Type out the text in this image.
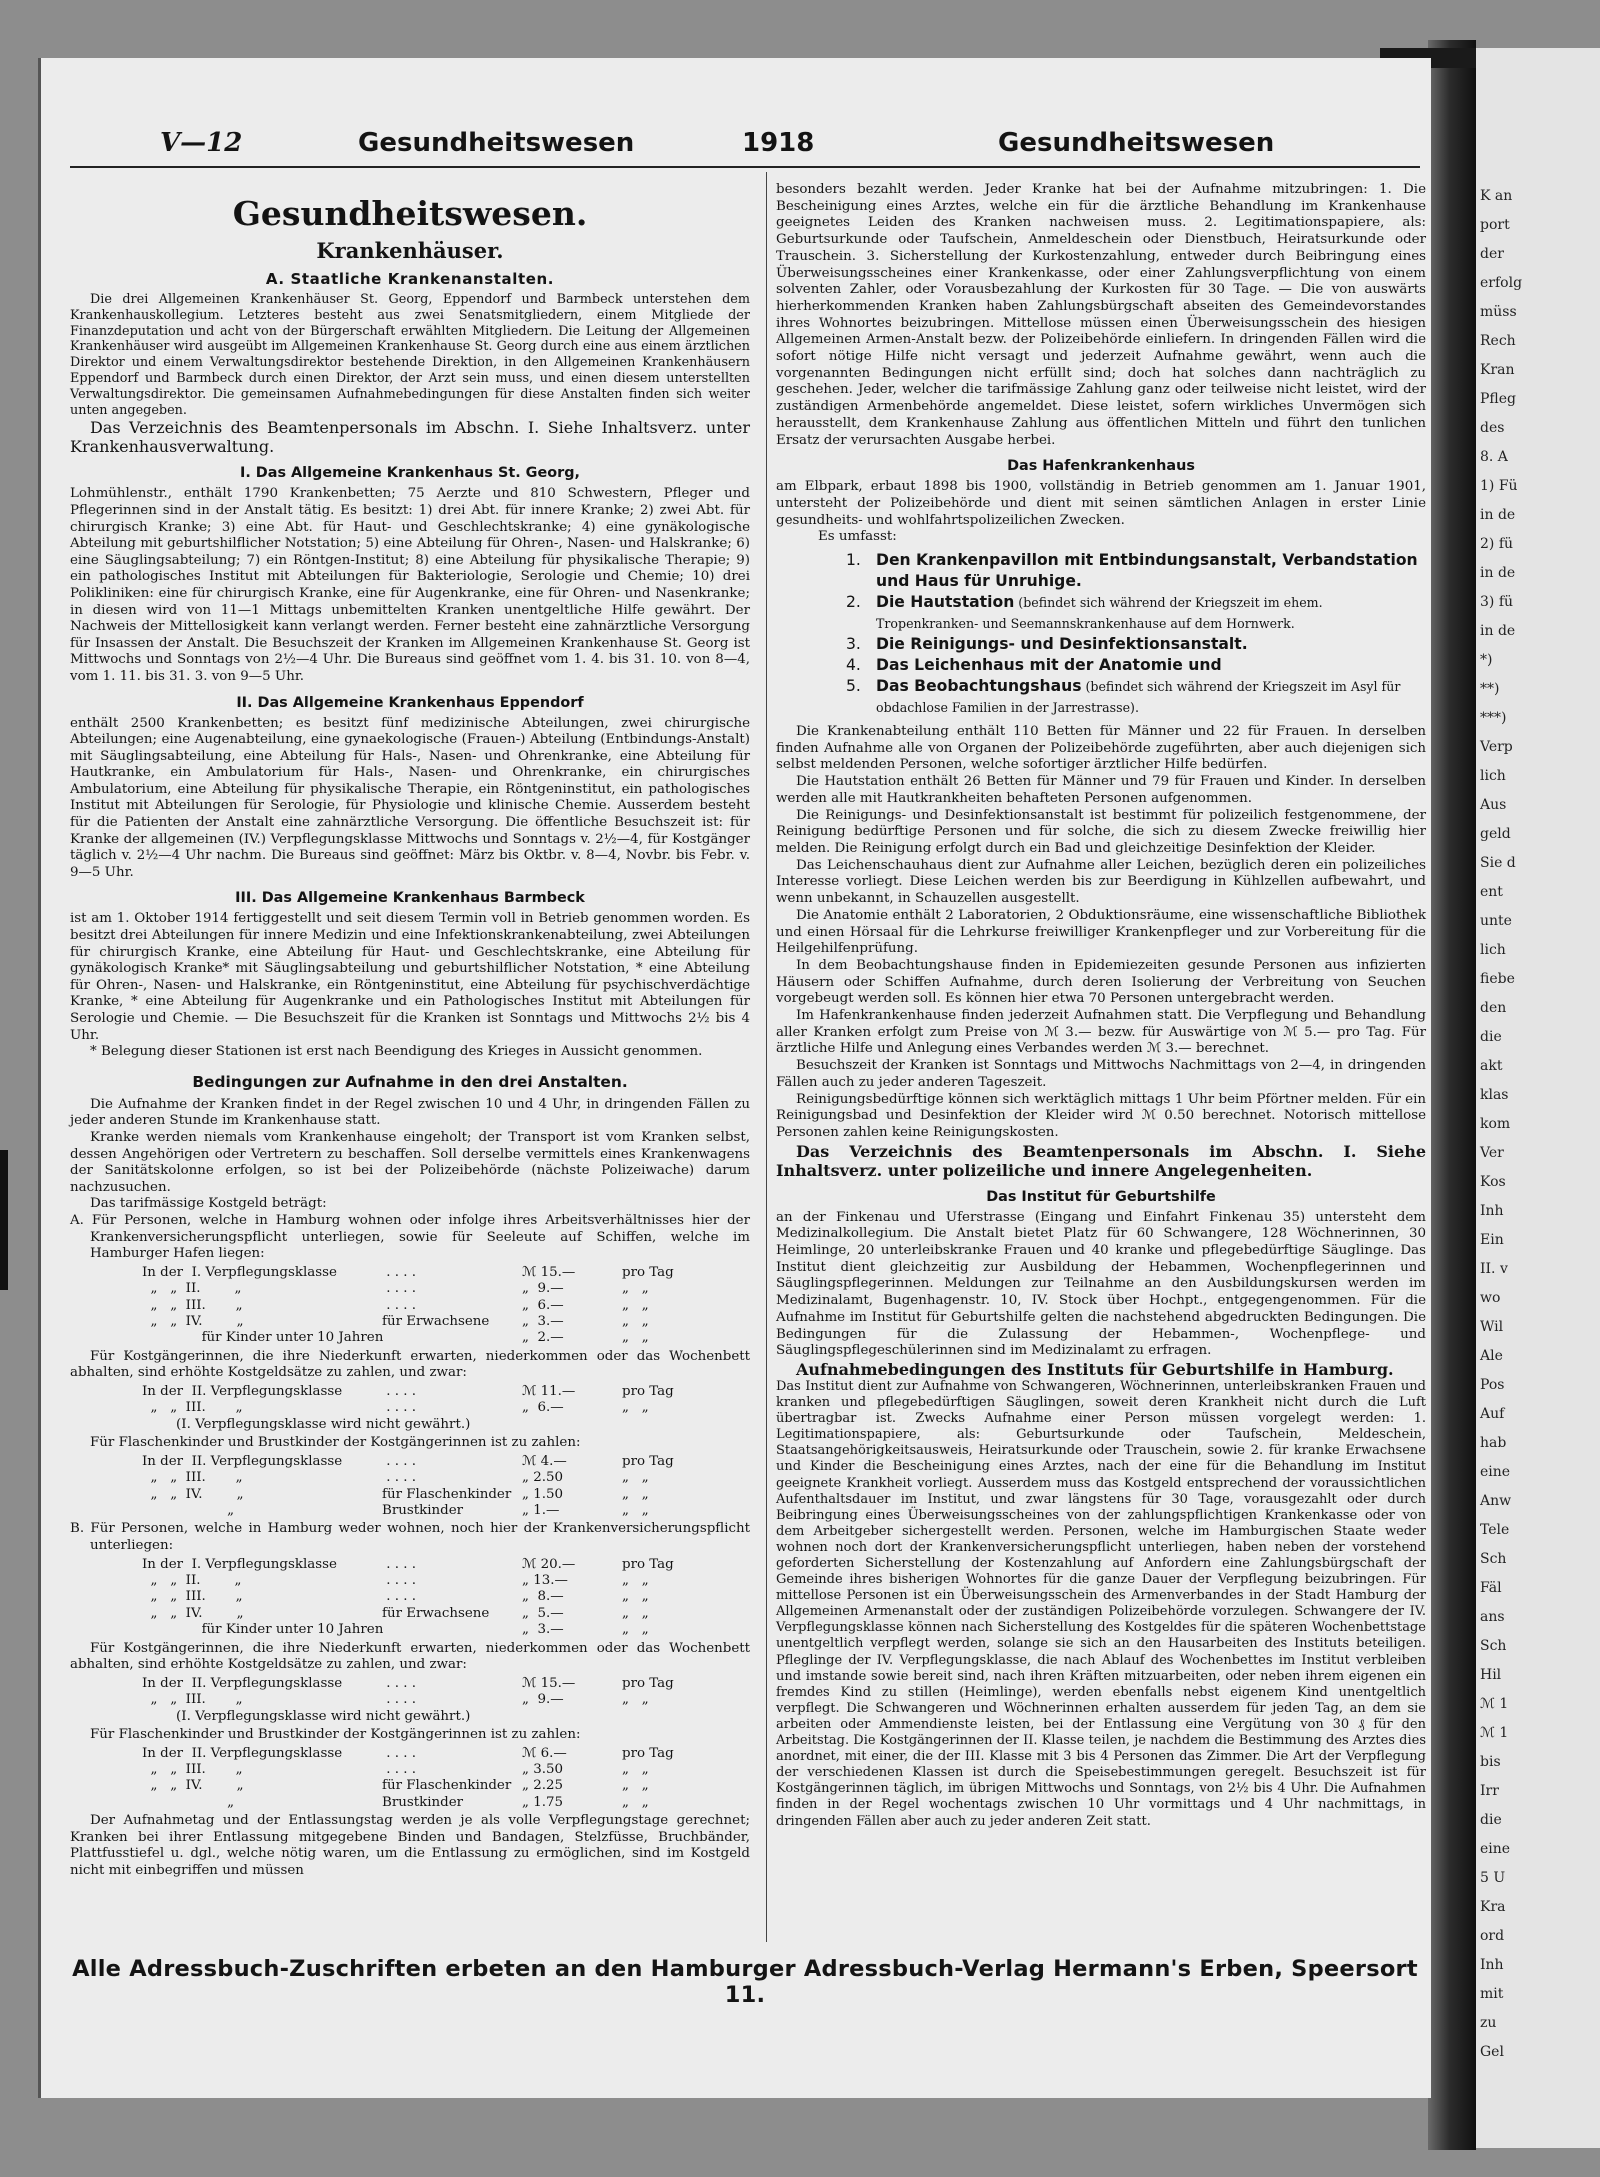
K an
port
der
erfolg
müss
Rech
Kran
Pfleg
des
8. A
1) Fü
in de
2) fü
in de
3) fü
in de
*)
**)
***)
Verp
lich
Aus
geld
Sie d
ent
unte
lich
fiebe
den
die
akt
klas
kom
Ver
Kos
Inh
Ein
II. v
wo
Wil
Ale
Pos
Auf
hab
eine
Anw
Tele
Sch
Fäl
ans
Sch
Hil
ℳ 1
ℳ 1
bis
Irr
die
eine
5 U
Kra
ord
Inh
mit
zu
Gel
V—12	Gesundheitswesen	1918	Gesundheitswesen
Gesundheitswesen.
Krankenhäuser.
A. Staatliche Krankenanstalten.

Die drei Allgemeinen Krankenhäuser St. Georg, Eppendorf und Barmbeck unterstehen dem Krankenhauskollegium. Letzteres besteht aus zwei Senatsmitgliedern, einem Mitgliede der Finanzdeputation und acht von der Bürgerschaft erwählten Mitgliedern. Die Leitung der Allgemeinen Krankenhäuser wird ausgeübt im Allgemeinen Krankenhause St. Georg durch eine aus einem ärztlichen Direktor und einem Verwaltungsdirektor bestehende Direktion, in den Allgemeinen Krankenhäusern Eppendorf und Barmbeck durch einen Direktor, der Arzt sein muss, und einen diesem unterstellten Verwaltungsdirektor. Die gemeinsamen Aufnahmebedingungen für diese Anstalten finden sich weiter unten angegeben.

Das Verzeichnis des Beamtenpersonals im Abschn. I. Siehe Inhaltsverz. unter Krankenhausverwaltung.

I. Das Allgemeine Krankenhaus St. Georg,

Lohmühlenstr., enthält 1790 Krankenbetten; 75 Aerzte und 810 Schwestern, Pfleger und Pflegerinnen sind in der Anstalt tätig. Es besitzt: 1) drei Abt. für innere Kranke; 2) zwei Abt. für chirurgisch Kranke; 3) eine Abt. für Haut- und Geschlechtskranke; 4) eine gynäkologische Abteilung mit geburtshilflicher Notstation; 5) eine Abteilung für Ohren-, Nasen- und Halskranke; 6) eine Säuglingsabteilung; 7) ein Röntgen-Institut; 8) eine Abteilung für physikalische Therapie; 9) ein pathologisches Institut mit Abteilungen für Bakteriologie, Serologie und Chemie; 10) drei Polikliniken: eine für chirurgisch Kranke, eine für Augenkranke, eine für Ohren- und Nasenkranke; in diesen wird von 11—1 Mittags unbemittelten Kranken unentgeltliche Hilfe gewährt. Der Nachweis der Mittellosigkeit kann verlangt werden. Ferner besteht eine zahnärztliche Versorgung für Insassen der Anstalt. Die Besuchszeit der Kranken im Allgemeinen Krankenhause St. Georg ist Mittwochs und Sonntags von 2½—4 Uhr. Die Bureaus sind geöffnet vom 1. 4. bis 31. 10. von 8—4, vom 1. 11. bis 31. 3. von 9—5 Uhr.

II. Das Allgemeine Krankenhaus Eppendorf

enthält 2500 Krankenbetten; es besitzt fünf medizinische Abteilungen, zwei chirurgische Abteilungen; eine Augenabteilung, eine gynaekologische (Frauen-) Abteilung (Entbindungs-Anstalt) mit Säuglingsabteilung, eine Abteilung für Hals-, Nasen- und Ohrenkranke, eine Abteilung für Hautkranke, ein Ambulatorium für Hals-, Nasen- und Ohrenkranke, ein chirurgisches Ambulatorium, eine Abteilung für physikalische Therapie, ein Röntgeninstitut, ein pathologisches Institut mit Abteilungen für Serologie, für Physiologie und klinische Chemie. Ausserdem besteht für die Patienten der Anstalt eine zahnärztliche Versorgung. Die öffentliche Besuchszeit ist: für Kranke der allgemeinen (IV.) Verpflegungsklasse Mittwochs und Sonntags v. 2½—4, für Kostgänger täglich v. 2½—4 Uhr nachm. Die Bureaus sind geöffnet: März bis Oktbr. v. 8—4, Novbr. bis Febr. v. 9—5 Uhr.

III. Das Allgemeine Krankenhaus Barmbeck

ist am 1. Oktober 1914 fertiggestellt und seit diesem Termin voll in Betrieb genommen worden. Es besitzt drei Abteilungen für innere Medizin und eine Infektionskrankenabteilung, zwei Abteilungen für chirurgisch Kranke, eine Abteilung für Haut- und Geschlechtskranke, eine Abteilung für gynäkologisch Kranke* mit Säuglingsabteilung und geburtshilflicher Notstation, * eine Abteilung für Ohren-, Nasen- und Halskranke, ein Röntgeninstitut, eine Abteilung für psychischverdächtige Kranke, * eine Abteilung für Augenkranke und ein Pathologisches Institut mit Abteilungen für Serologie und Chemie. — Die Besuchszeit für die Kranken ist Sonntags und Mittwochs 2½ bis 4 Uhr.

* Belegung dieser Stationen ist erst nach Beendigung des Krieges in Aussicht genommen.

Bedingungen zur Aufnahme in den drei Anstalten.

Die Aufnahme der Kranken findet in der Regel zwischen 10 und 4 Uhr, in dringenden Fällen zu jeder anderen Stunde im Krankenhause statt.

Kranke werden niemals vom Krankenhause eingeholt; der Transport ist vom Kranken selbst, dessen Angehörigen oder Vertretern zu beschaffen. Soll derselbe vermittels eines Krankenwagens der Sanitätskolonne erfolgen, so ist bei der Polizeibehörde (nächste Polizeiwache) darum nachzusuchen.

Das tarifmässige Kostgeld beträgt:

A. Für Personen, welche in Hamburg wohnen oder infolge ihres Arbeitsverhältnisses hier der Krankenversicherungspflicht unterliegen, sowie für Seeleute auf Schiffen, welche im Hamburger Hafen liegen:

In der  I. Verpflegungsklasse	. . . .	ℳ 15.—	pro Tag
„   „  II.        „	. . . .	„  9.—	„   „
„   „  III.       „	. . . .	„  6.—	„   „
„   „  IV.        „	für Erwachsene	„  3.—	„   „
für Kinder unter 10 Jahren	„  2.—	„   „

Für Kostgängerinnen, die ihre Niederkunft erwarten, niederkommen oder das Wochenbett abhalten, sind erhöhte Kostgeldsätze zu zahlen, und zwar:

In der  II. Verpflegungsklasse	. . . .	ℳ 11.—	pro Tag
„   „  III.       „	. . . .	„  6.—	„   „
(I. Verpflegungsklasse wird nicht gewährt.)

Für Flaschenkinder und Brustkinder der Kostgängerinnen ist zu zahlen:

In der  II. Verpflegungsklasse	. . . .	ℳ 4.—	pro Tag
„   „  III.       „	. . . .	„ 2.50	„   „
„   „  IV.        „	für Flaschenkinder „ 1.50	„   „
„	Brustkinder	„ 1.—	„   „

B. Für Personen, welche in Hamburg weder wohnen, noch hier der Krankenversicherungspflicht unterliegen:

In der  I. Verpflegungsklasse	. . . .	ℳ 20.—	pro Tag
„   „  II.        „	. . . .	„ 13.—	„   „
„   „  III.       „	. . . .	„  8.—	„   „
„   „  IV.        „	für Erwachsene	„  5.—	„   „
für Kinder unter 10 Jahren	„  3.—	„   „

Für Kostgängerinnen, die ihre Niederkunft erwarten, niederkommen oder das Wochenbett abhalten, sind erhöhte Kostgeldsätze zu zahlen, und zwar:

In der  II. Verpflegungsklasse	. . . .	ℳ 15.—	pro Tag
„   „  III.       „	. . . .	„  9.—	„   „
(I. Verpflegungsklasse wird nicht gewährt.)

Für Flaschenkinder und Brustkinder der Kostgängerinnen ist zu zahlen:

In der  II. Verpflegungsklasse	. . . .	ℳ 6.—	pro Tag
„   „  III.       „	. . . .	„ 3.50	„   „
„   „  IV.        „	für Flaschenkinder „ 2.25	„   „
„	Brustkinder	„ 1.75	„   „

Der Aufnahmetag und der Entlassungstag werden je als volle Verpflegungstage gerechnet; Kranken bei ihrer Entlassung mitgegebene Binden und Bandagen, Stelzfüsse, Bruchbänder, Plattfusstiefel u. dgl., welche nötig waren, um die Entlassung zu ermöglichen, sind im Kostgeld nicht mit einbegriffen und müssen

besonders bezahlt werden. Jeder Kranke hat bei der Aufnahme mitzubringen: 1. Die Bescheinigung eines Arztes, welche ein für die ärztliche Behandlung im Krankenhause geeignetes Leiden des Kranken nachweisen muss. 2. Legitimationspapiere, als: Geburtsurkunde oder Taufschein, Anmeldeschein oder Dienstbuch, Heiratsurkunde oder Trauschein. 3. Sicherstellung der Kurkostenzahlung, entweder durch Beibringung eines Überweisungsscheines einer Krankenkasse, oder einer Zahlungsverpflichtung von einem solventen Zahler, oder Vorausbezahlung der Kurkosten für 30 Tage. — Die von auswärts hierherkommenden Kranken haben Zahlungsbürgschaft abseiten des Gemeindevorstandes ihres Wohnortes beizubringen. Mittellose müssen einen Überweisungsschein des hiesigen Allgemeinen Armen-Anstalt bezw. der Polizeibehörde einliefern. In dringenden Fällen wird die sofort nötige Hilfe nicht versagt und jederzeit Aufnahme gewährt, wenn auch die vorgenannten Bedingungen nicht erfüllt sind; doch hat solches dann nachträglich zu geschehen. Jeder, welcher die tarifmässige Zahlung ganz oder teilweise nicht leistet, wird der zuständigen Armenbehörde angemeldet. Diese leistet, sofern wirkliches Unvermögen sich herausstellt, dem Krankenhause Zahlung aus öffentlichen Mitteln und führt den tunlichen Ersatz der verursachten Ausgabe herbei.

Das Hafenkrankenhaus

am Elbpark, erbaut 1898 bis 1900, vollständig in Betrieb genommen am 1. Januar 1901, untersteht der Polizeibehörde und dient mit seinen sämtlichen Anlagen in erster Linie gesundheits- und wohlfahrtspolizeilichen Zwecken.

Es umfasst:

1. Den Krankenpavillon mit Entbindungsanstalt, Verbandstation und Haus für Unruhige.
2. Die Hautstation (befindet sich während der Kriegszeit im ehem. Tropenkranken- und Seemannskrankenhause auf dem Hornwerk.
3. Die Reinigungs- und Desinfektionsanstalt.
4. Das Leichenhaus mit der Anatomie und
5. Das Beobachtungshaus (befindet sich während der Kriegszeit im Asyl für obdachlose Familien in der Jarrestrasse).

Die Krankenabteilung enthält 110 Betten für Männer und 22 für Frauen. In derselben finden Aufnahme alle von Organen der Polizeibehörde zugeführten, aber auch diejenigen sich selbst meldenden Personen, welche sofortiger ärztlicher Hilfe bedürfen.

Die Hautstation enthält 26 Betten für Männer und 79 für Frauen und Kinder. In derselben werden alle mit Hautkrankheiten behafteten Personen aufgenommen.

Die Reinigungs- und Desinfektionsanstalt ist bestimmt für polizeilich festgenommene, der Reinigung bedürftige Personen und für solche, die sich zu diesem Zwecke freiwillig hier melden. Die Reinigung erfolgt durch ein Bad und gleichzeitige Desinfektion der Kleider.

Das Leichenschauhaus dient zur Aufnahme aller Leichen, bezüglich deren ein polizeiliches Interesse vorliegt. Diese Leichen werden bis zur Beerdigung in Kühlzellen aufbewahrt, und wenn unbekannt, in Schauzellen ausgestellt.

Die Anatomie enthält 2 Laboratorien, 2 Obduktionsräume, eine wissenschaftliche Bibliothek und einen Hörsaal für die Lehrkurse freiwilliger Krankenpfleger und zur Vorbereitung für die Heilgehilfenprüfung.

In dem Beobachtungshause finden in Epidemiezeiten gesunde Personen aus infizierten Häusern oder Schiffen Aufnahme, durch deren Isolierung der Verbreitung von Seuchen vorgebeugt werden soll. Es können hier etwa 70 Personen untergebracht werden.

Im Hafenkrankenhause finden jederzeit Aufnahmen statt. Die Verpflegung und Behandlung aller Kranken erfolgt zum Preise von ℳ 3.— bezw. für Auswärtige von ℳ 5.— pro Tag. Für ärztliche Hilfe und Anlegung eines Verbandes werden ℳ 3.— berechnet.

Besuchszeit der Kranken ist Sonntags und Mittwochs Nachmittags von 2—4, in dringenden Fällen auch zu jeder anderen Tageszeit.

Reinigungsbedürftige können sich werktäglich mittags 1 Uhr beim Pförtner melden. Für ein Reinigungsbad und Desinfektion der Kleider wird ℳ 0.50 berechnet. Notorisch mittellose Personen zahlen keine Reinigungskosten.

Das Verzeichnis des Beamtenpersonals im Abschn. I. Siehe Inhaltsverz. unter polizeiliche und innere Angelegenheiten.

Das Institut für Geburtshilfe

an der Finkenau und Uferstrasse (Eingang und Einfahrt Finkenau 35) untersteht dem Medizinalkollegium. Die Anstalt bietet Platz für 60 Schwangere, 128 Wöchnerinnen, 30 Heimlinge, 20 unterleibskranke Frauen und 40 kranke und pflegebedürftige Säuglinge. Das Institut dient gleichzeitig zur Ausbildung der Hebammen, Wochenpflegerinnen und Säuglingspflegerinnen. Meldungen zur Teilnahme an den Ausbildungskursen werden im Medizinalamt, Bugenhagenstr. 10, IV. Stock über Hochpt., entgegengenommen. Für die Aufnahme im Institut für Geburtshilfe gelten die nachstehend abgedruckten Bedingungen. Die Bedingungen für die Zulassung der Hebammen-, Wochenpflege- und Säuglingspflegeschülerinnen sind im Medizinalamt zu erfragen.

Aufnahmebedingungen des Instituts für Geburtshilfe in Hamburg.

Das Institut dient zur Aufnahme von Schwangeren, Wöchnerinnen, unterleibskranken Frauen und kranken und pflegebedürftigen Säuglingen, soweit deren Krankheit nicht durch die Luft übertragbar ist. Zwecks Aufnahme einer Person müssen vorgelegt werden: 1. Legitimationspapiere, als: Geburtsurkunde oder Taufschein, Meldeschein, Staatsangehörigkeitsausweis, Heiratsurkunde oder Trauschein, sowie 2. für kranke Erwachsene und Kinder die Bescheinigung eines Arztes, nach der eine für die Behandlung im Institut geeignete Krankheit vorliegt. Ausserdem muss das Kostgeld entsprechend der voraussichtlichen Aufenthaltsdauer im Institut, und zwar längstens für 30 Tage, vorausgezahlt oder durch Beibringung eines Überweisungsscheines von der zahlungspflichtigen Krankenkasse oder von dem Arbeitgeber sichergestellt werden. Personen, welche im Hamburgischen Staate weder wohnen noch dort der Krankenversicherungspflicht unterliegen, haben neben der vorstehend geforderten Sicherstellung der Kostenzahlung auf Anfordern eine Zahlungsbürgschaft der Gemeinde ihres bisherigen Wohnortes für die ganze Dauer der Verpflegung beizubringen. Für mittellose Personen ist ein Überweisungsschein des Armenverbandes in der Stadt Hamburg der Allgemeinen Armenanstalt oder der zuständigen Polizeibehörde vorzulegen. Schwangere der IV. Verpflegungsklasse können nach Sicherstellung des Kostgeldes für die späteren Wochenbettstage unentgeltlich verpflegt werden, solange sie sich an den Hausarbeiten des Instituts beteiligen. Pfleglinge der IV. Verpflegungsklasse, die nach Ablauf des Wochenbettes im Institut verbleiben und imstande sowie bereit sind, nach ihren Kräften mitzuarbeiten, oder neben ihrem eigenen ein fremdes Kind zu stillen (Heimlinge), werden ebenfalls nebst eigenem Kind unentgeltlich verpflegt. Die Schwangeren und Wöchnerinnen erhalten ausserdem für jeden Tag, an dem sie arbeiten oder Ammendienste leisten, bei der Entlassung eine Vergütung von 30 ₰ für den Arbeitstag. Die Kostgängerinnen der II. Klasse teilen, je nachdem die Bestimmung des Arztes dies anordnet, mit einer, die der III. Klasse mit 3 bis 4 Personen das Zimmer. Die Art der Verpflegung der verschiedenen Klassen ist durch die Speisebestimmungen geregelt. Besuchszeit ist für Kostgängerinnen täglich, im übrigen Mittwochs und Sonntags, von 2½ bis 4 Uhr. Die Aufnahmen finden in der Regel wochentags zwischen 10 Uhr vormittags und 4 Uhr nachmittags, in dringenden Fällen aber auch zu jeder anderen Zeit statt.

Alle Adressbuch-Zuschriften erbeten an den Hamburger Adressbuch-Verlag Hermann's Erben, Speersort 11.
